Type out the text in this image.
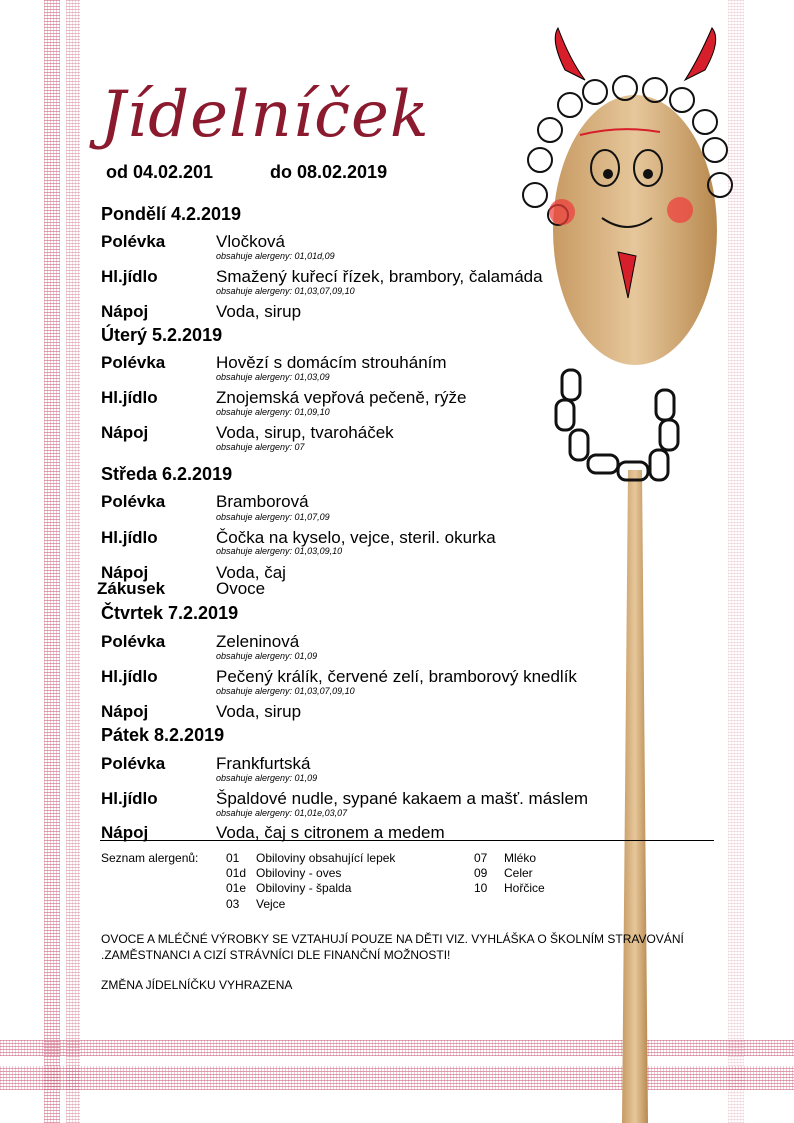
Jídelníček
od 04.02.201	do 08.02.2019
Pondělí 4.2.2019
Polévka	Vločková
obsahuje alergeny: 01,01d,09
Hl.jídlo	Smažený kuřecí řízek, brambory, čalamáda
obsahuje alergeny: 01,03,07,09,10
Nápoj	Voda, sirup
Úterý 5.2.2019
Polévka	Hovězí s domácím strouháním
obsahuje alergeny: 01,03,09
Hl.jídlo	Znojemská vepřová pečeně, rýže
obsahuje alergeny: 01,09,10
Nápoj	Voda, sirup, tvaroháček
obsahuje alergeny: 07
Středa 6.2.2019
Polévka	Bramborová
obsahuje alergeny: 01,07,09
Hl.jídlo	Čočka na kyselo, vejce, steril. okurka
obsahuje alergeny: 01,03,09,10
Nápoj	Voda, čaj
Zákusek	Ovoce
Čtvrtek 7.2.2019
Polévka	Zeleninová
obsahuje alergeny: 01,09
Hl.jídlo	Pečený králík, červené zelí, bramborový knedlík
obsahuje alergeny: 01,03,07,09,10
Nápoj	Voda, sirup
Pátek 8.2.2019
Polévka	Frankfurtská
obsahuje alergeny: 01,09
Hl.jídlo	Špaldové nudle, sypané kakaem a mašť. máslem
obsahuje alergeny: 01,01e,03,07
Nápoj	Voda, čaj s citronem a medem
Seznam alergenů: 01 Obiloviny obsahující lepek
01d Obiloviny - oves
01e Obiloviny - špalda
03 Vejce
07 Mléko
09 Celer
10 Hořčice
OVOCE A MLÉČNÉ VÝROBKY SE VZTAHUJÍ POUZE NA DĚTI VIZ. VYHLÁŠKA O ŠKOLNÍM STRAVOVÁNÍ .ZAMĚSTNANCI A CIZÍ STRÁVNÍCI DLE FINANČNÍ MOŽNOSTI!
ZMĚNA JÍDELNÍČKU VYHRAZENA
